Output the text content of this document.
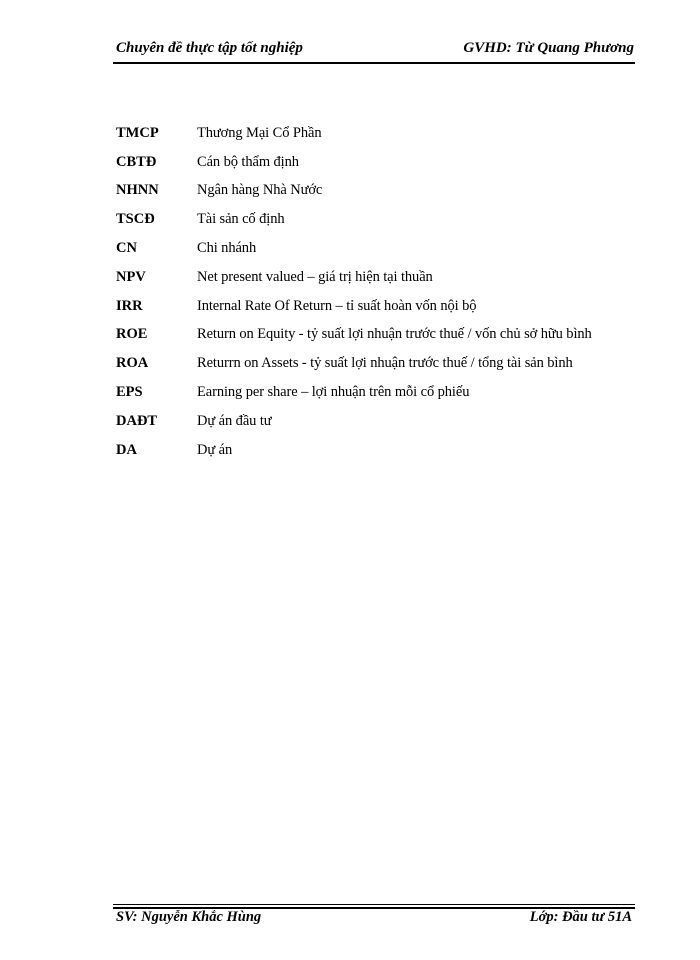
Chuyên đề thực tập tốt nghiệp	GVHD: Từ Quang Phương
TMCP	Thương Mại Cổ Phần
CBTĐ	Cán bộ thẩm định
NHNN	Ngân hàng Nhà Nước
TSCĐ	Tài sản cố định
CN	Chi nhánh
NPV	Net present valued – giá trị hiện tại thuần
IRR	Internal Rate Of Return – tỉ suất hoàn vốn nội bộ
ROE	Return on Equity - tỷ suất lợi nhuận trước thuế / vốn chủ sở hữu bình
ROA	Returrn on Assets - tỷ suất lợi nhuận trước thuế / tổng tài sản bình
EPS	Earning per share – lợi nhuận trên mỗi cổ phiếu
DAĐT	Dự án đầu tư
DA	Dự án
SV: Nguyễn Khắc Hùng	Lớp: Đầu tư 51A
